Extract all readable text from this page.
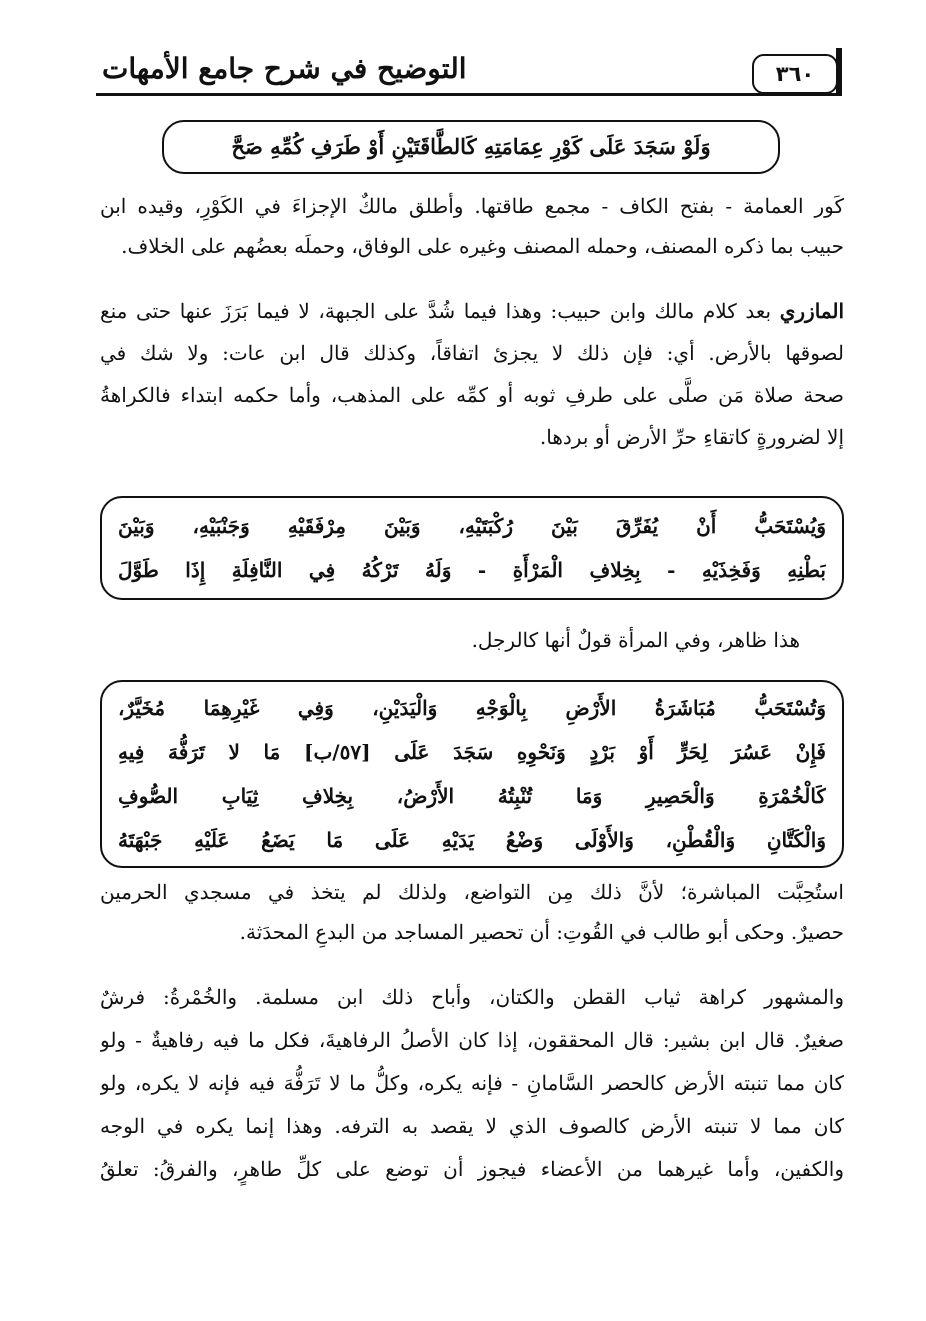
٣٦٠
التوضيح في شرح جامع الأمهات
وَلَوْ سَجَدَ عَلَى كَوْرِ عِمَامَتِهِ كَالطَّاقَتَيْنِ أَوْ طَرَفِ كُمِّهِ صَحَّ
كَور العمامة - بفتح الكاف - مجمع طاقتها. وأطلق مالكٌ الإجزاءَ في الكَوْرِ، وقيده ابن
حبيب بما ذكره المصنف، وحمله المصنف وغيره على الوفاق، وحملَه بعضُهم على الخلاف.
المازري بعد كلام مالك وابن حبيب: وهذا فيما شُدَّ على الجبهة، لا فيما بَرَزَ عنها حتى منع
لصوقها بالأرض. أي: فإن ذلك لا يجزئ اتفاقاً، وكذلك قال ابن عات: ولا شك في
صحة صلاة مَن صلَّى على طرفِ ثوبه أو كمِّه على المذهب، وأما حكمه ابتداء فالكراهةُ
إلا لضرورةٍ كاتقاءِ حرِّ الأرض أو بردها.
وَيُسْتَحَبُّ أَنْ يُفَرِّقَ بَيْنَ رُكْبَتَيْهِ، وَبَيْنَ مِرْفَقَيْهِ وَجَنْبَيْهِ، وَبَيْنَ
بَطْنِهِ وَفَخِذَيْهِ - بِخِلافِ الْمَرْأَةِ - وَلَهُ تَرْكُهُ فِي النَّافِلَةِ إِذَا طَوَّلَ
هذا ظاهر، وفي المرأة قولٌ أنها كالرجل.
وَتُسْتَحَبُّ مُبَاشَرَةُ الأَرْضِ بِالْوَجْهِ وَالْيَدَيْنِ، وَفِي غَيْرِهِمَا مُخَيَّرٌ،
فَإِنْ عَسُرَ لِحَرٍّ أَوْ بَرْدٍ وَنَحْوِهِ سَجَدَ عَلَى [٥٧/ب] مَا لا تَرَفُّهَ فِيهِ
كَالْخُمْرَةِ وَالْحَصِيرِ وَمَا تُنْبِتُهُ الأَرْضُ، بِخِلافِ ثِيَابِ الصُّوفِ
وَالْكَتَّانِ وَالْقُطْنِ، وَالأَوْلَى وَضْعُ يَدَيْهِ عَلَى مَا يَضَعُ عَلَيْهِ جَبْهَتَهُ
استُحِبَّت المباشرة؛ لأنَّ ذلك مِن التواضع، ولذلك لم يتخذ في مسجدي الحرمين
حصيرٌ. وحكى أبو طالب في القُوتِ: أن تحصير المساجد من البدعِ المحدَثة.
والمشهور كراهة ثياب القطن والكتان، وأباح ذلك ابن مسلمة. والخُمْرةُ: فرشٌ
صغيرٌ. قال ابن بشير: قال المحققون، إذا كان الأصلُ الرفاهيةَ، فكل ما فيه رفاهيةٌ - ولو
كان مما تنبته الأرض كالحصر السَّامانِ - فإنه يكره، وكلُّ ما لا تَرَفُّهَ فيه فإنه لا يكره، ولو
كان مما لا تنبته الأرض كالصوف الذي لا يقصد به الترفه. وهذا إنما يكره في الوجه
والكفين، وأما غيرهما من الأعضاء فيجوز أن توضع على كلِّ طاهرٍ، والفرقُ: تعلقُ
